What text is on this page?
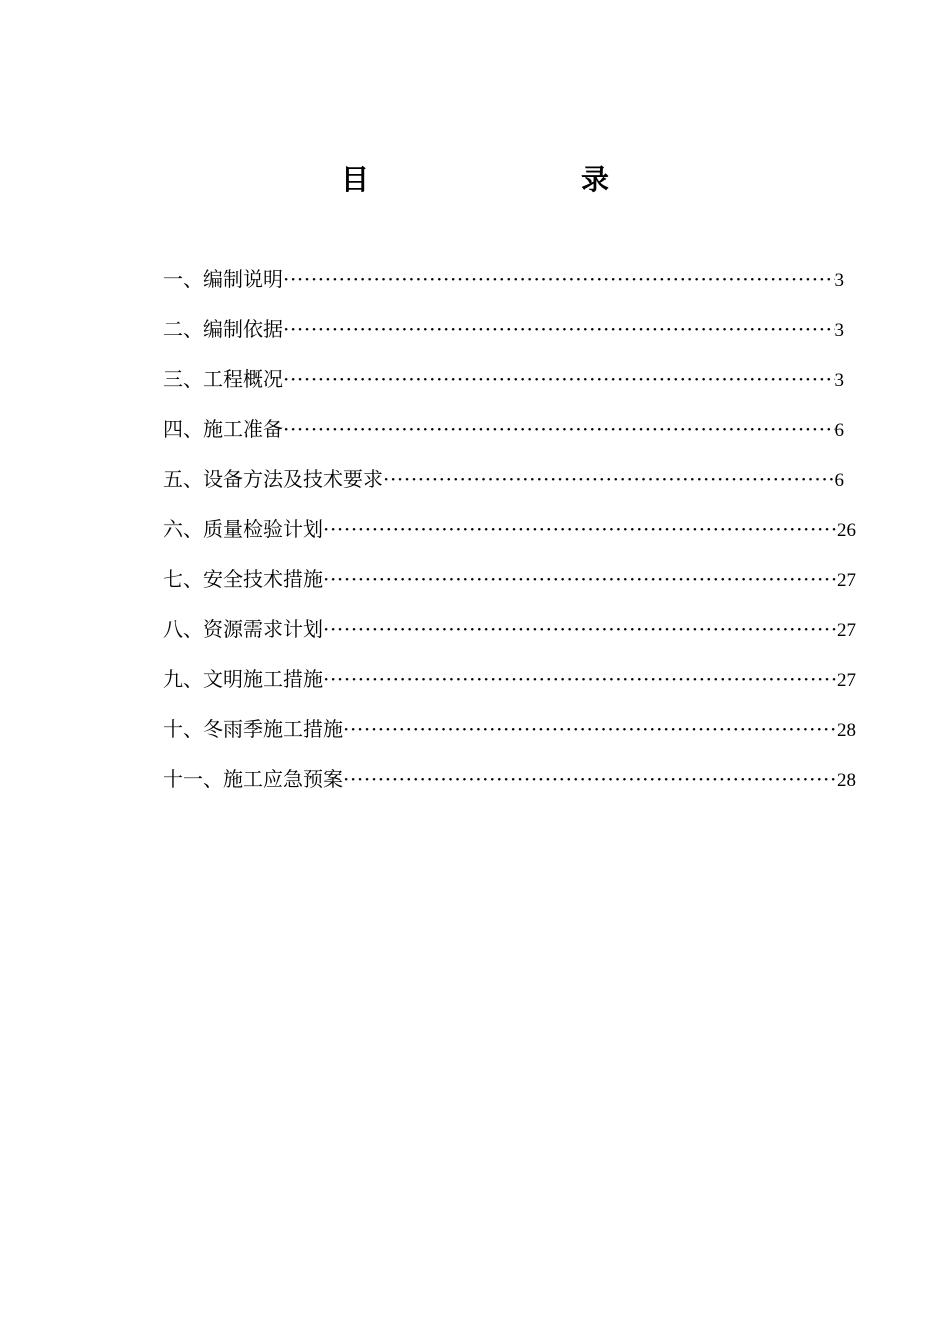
目　　录
一、编制说明 ·····	3
二、编制依据 ·····	3
三、工程概况 ·····	3
四、施工准备 ·····	6
五、设备方法及技术要求 ·····	6
六、质量检验计划 ·····	26
七、安全技术措施 ·····	27
八、资源需求计划 ·····	27
九、文明施工措施 ·····	27
十、冬雨季施工措施 ·····	28
十一、施工应急预案 ·····	28
